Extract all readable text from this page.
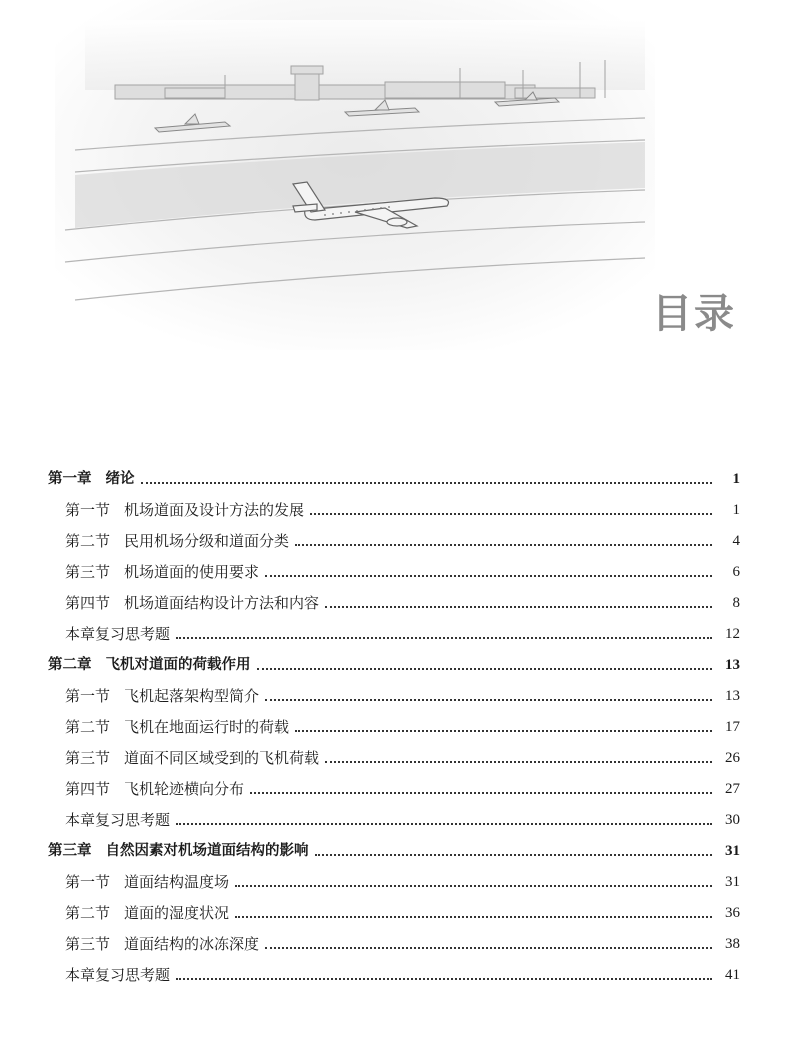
目录
第一章 绪论	1
第一节 机场道面及设计方法的发展	1
第二节 民用机场分级和道面分类	4
第三节 机场道面的使用要求	6
第四节 机场道面结构设计方法和内容	8
本章复习思考题	12
第二章 飞机对道面的荷载作用	13
第一节 飞机起落架构型简介	13
第二节 飞机在地面运行时的荷载	17
第三节 道面不同区域受到的飞机荷载	26
第四节 飞机轮迹横向分布	27
本章复习思考题	30
第三章 自然因素对机场道面结构的影响	31
第一节 道面结构温度场	31
第二节 道面的湿度状况	36
第三节 道面结构的冰冻深度	38
本章复习思考题	41
